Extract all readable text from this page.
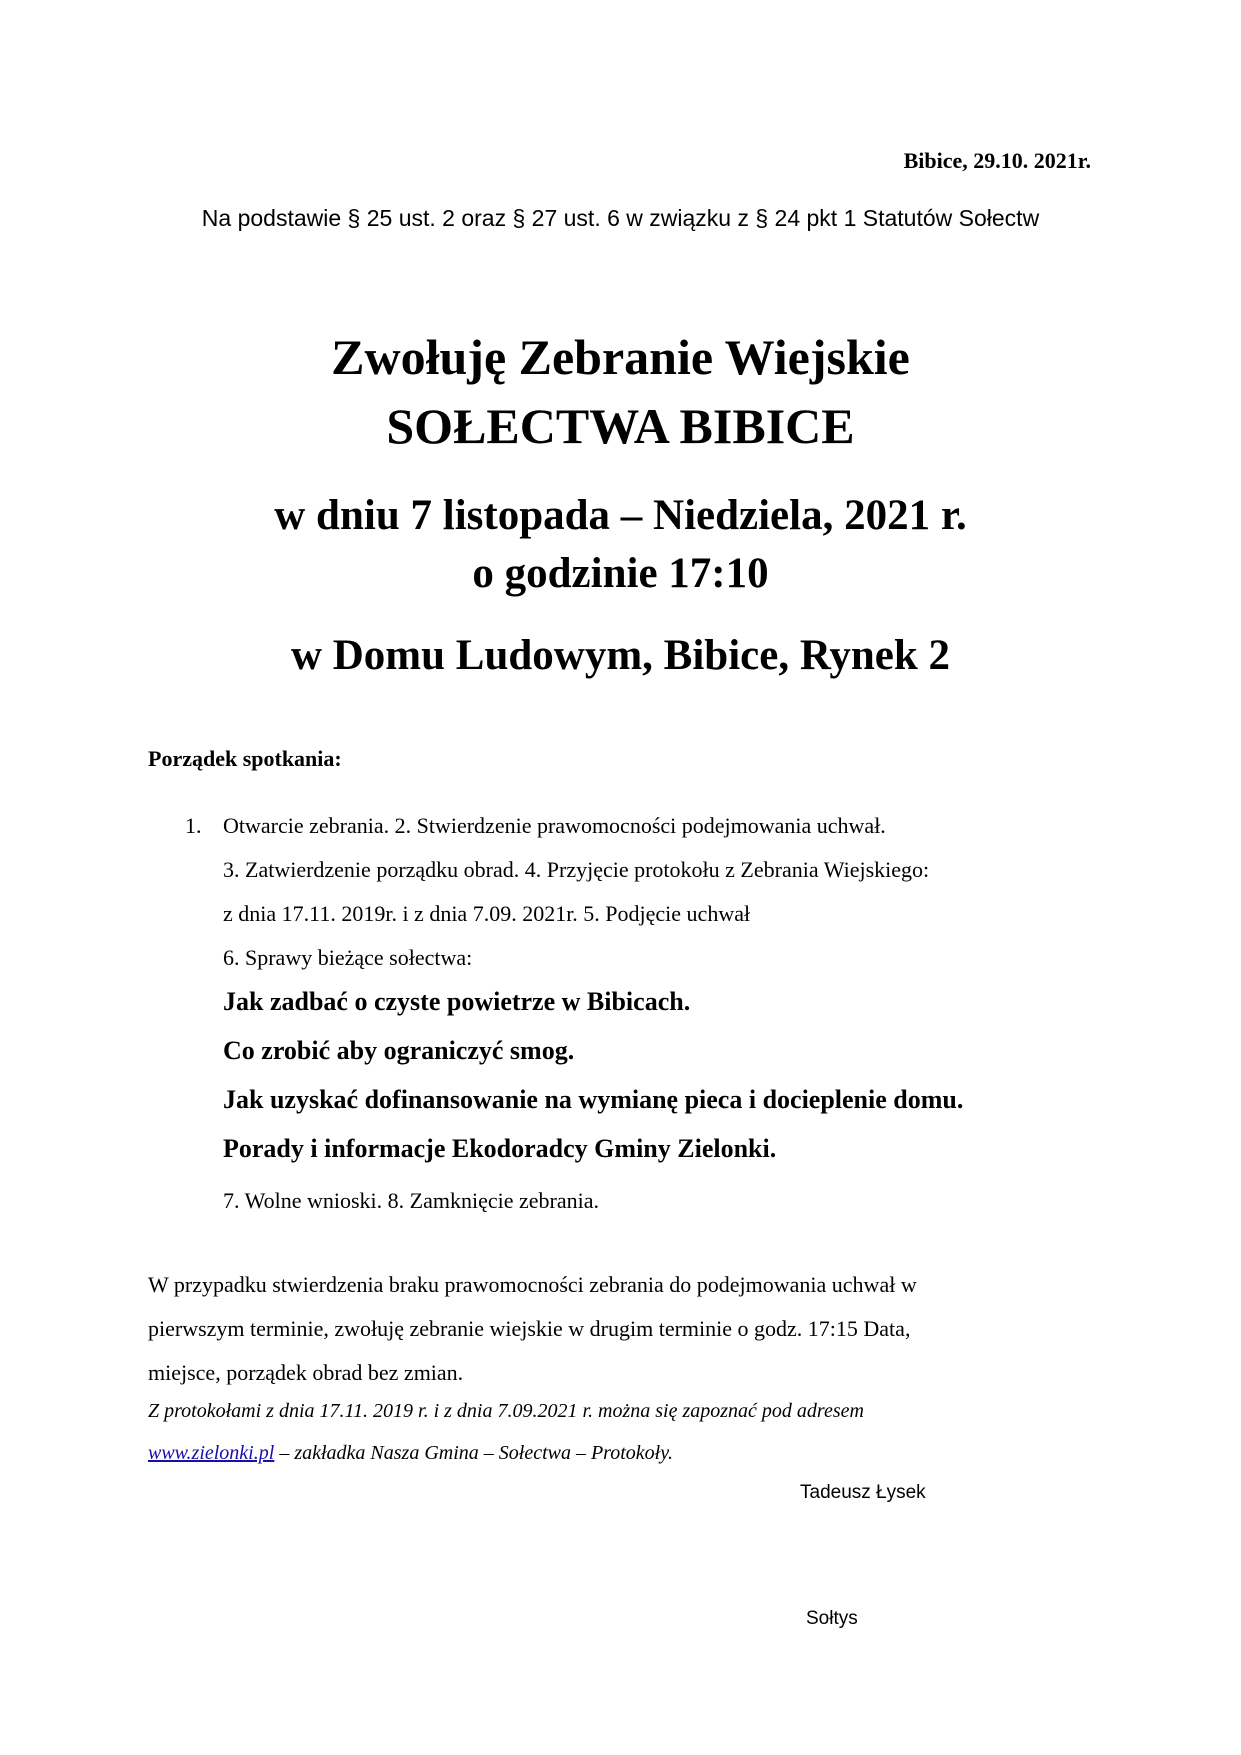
Bibice, 29.10. 2021r.
Na podstawie § 25 ust. 2 oraz § 27 ust. 6 w związku z § 24 pkt 1 Statutów Sołectw
Zwołuję Zebranie Wiejskie
SOŁECTWA BIBICE
w dniu 7 listopada – Niedziela, 2021 r.
o godzinie 17:10
w Domu Ludowym, Bibice, Rynek 2
Porządek spotkania:
1. Otwarcie zebrania. 2. Stwierdzenie prawomocności podejmowania uchwał.
3. Zatwierdzenie porządku obrad. 4. Przyjęcie protokołu z Zebrania Wiejskiego:
z dnia 17.11. 2019r. i z dnia 7.09. 2021r. 5. Podjęcie uchwał
6. Sprawy bieżące sołectwa:
Jak zadbać o czyste powietrze w Bibicach.
Co zrobić aby ograniczyć smog.
Jak uzyskać dofinansowanie na wymianę pieca i docieplenie domu.
Porady i informacje Ekodoradcy Gminy Zielonki.
7. Wolne wnioski. 8. Zamknięcie zebrania.
W przypadku stwierdzenia braku prawomocności zebrania do podejmowania uchwał w
pierwszym terminie, zwołuję zebranie wiejskie w drugim terminie o godz. 17:15 Data,
miejsce, porządek obrad bez zmian.
Z protokołami z dnia 17.11. 2019 r. i z dnia 7.09.2021 r. można się zapoznać pod adresem
www.zielonki.pl – zakładka Nasza Gmina – Sołectwa – Protokoły.
Tadeusz Łysek
Sołtys
